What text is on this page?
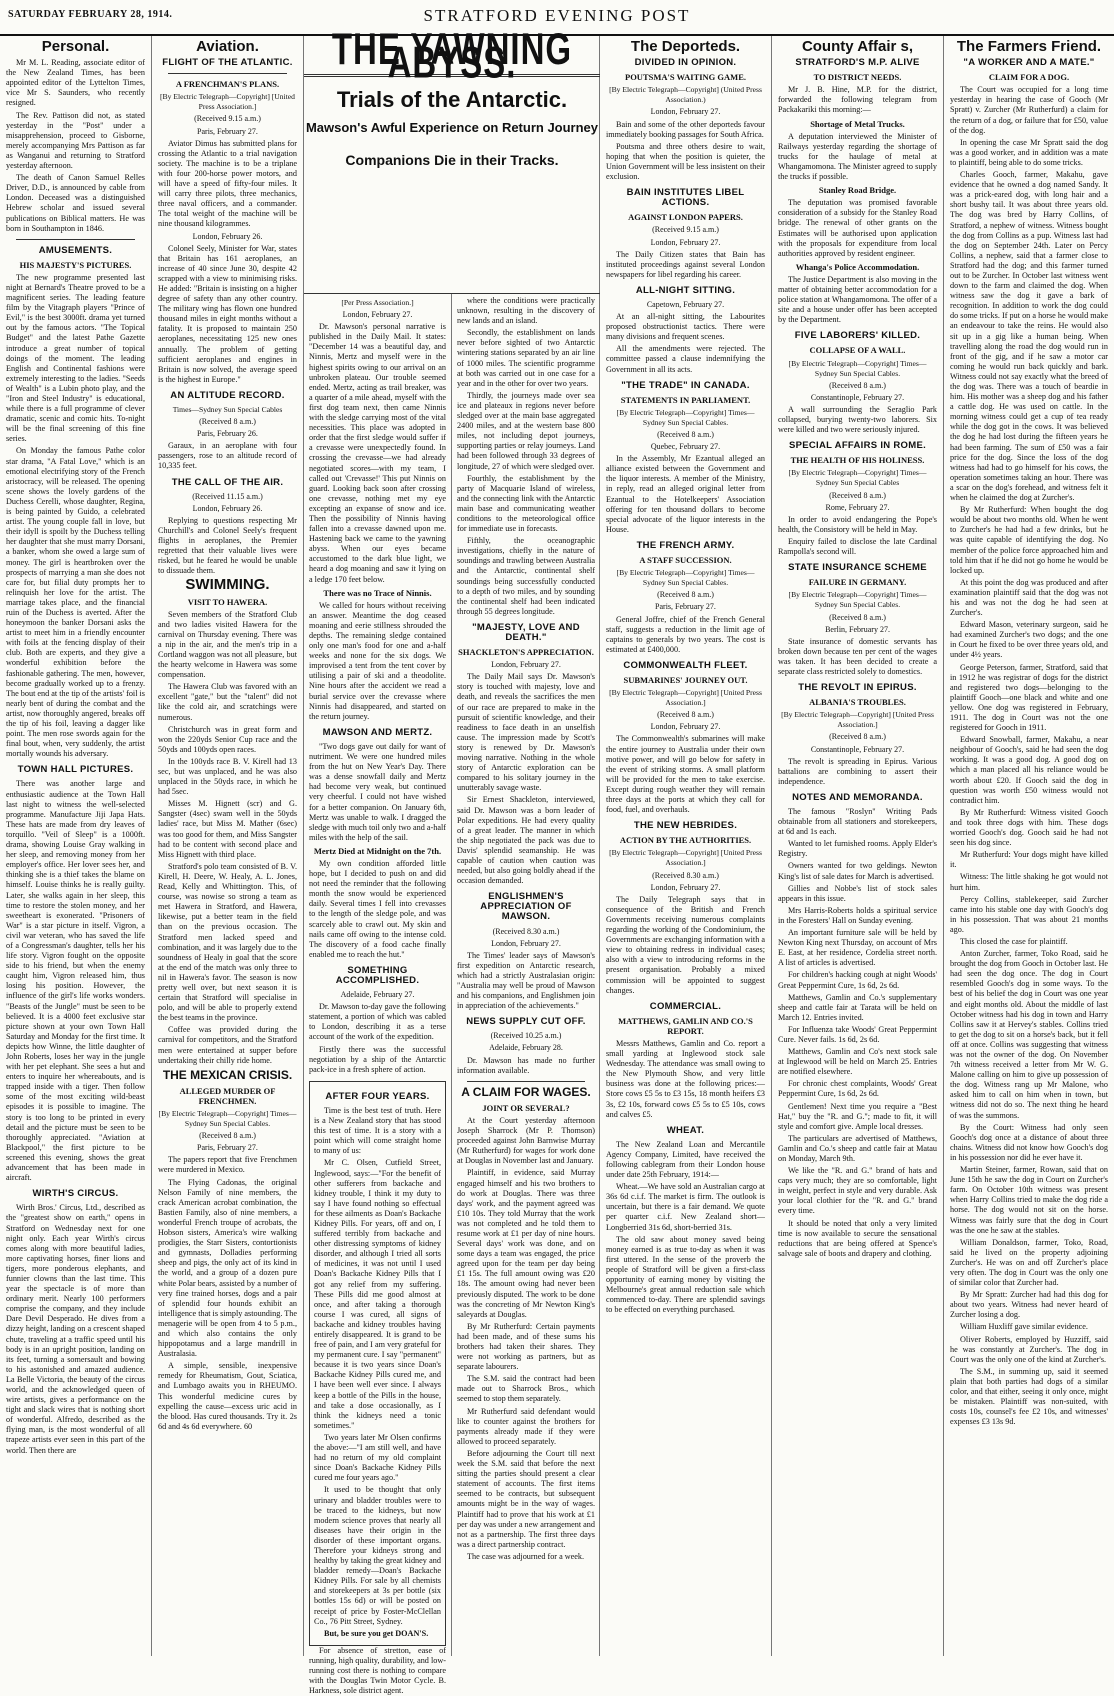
SATURDAY FEBRUARY 28, 1914.	STRATFORD EVENING POST
Personal.

Mr M. L. Reading, associate editor of the New Zealand Times, has been appointed editor of the Lyttelton Times, vice Mr S. Saunders, who recently resigned.

The Rev. Pattison did not, as stated yesterday in the "Post" under a misapprehension, proceed to Gisborne, merely accompanying Mrs Pattison as far as Wanganui and returning to Stratford yesterday afternoon.

The death of Canon Samuel Relles Driver, D.D., is announced by cable from London. Deceased was a distinguished Hebrew scholar and issued several publications on Biblical matters. He was born in Southampton in 1846.

AMUSEMENTS.
HIS MAJESTY'S PICTURES.

The new programme presented last night at Bernard's Theatre proved to be a magnificent series. The leading feature film by the Vitagraph players "Prince of Evil," is the best 3000ft. drama yet turned out by the famous actors. "The Topical Budget" and the latest Pathe Gazette introduce a great number of topical doings of the moment. The leading English and Continental fashions were extremely interesting to the ladies. "Seeds of Wealth" is a Lubin photo play, and the "Iron and Steel Industry" is educational, while there is a full programme of clever dramatic, scenic and comic hits. To-night will be the final screening of this fine series.

On Monday the famous Pathe color star drama, "A Fatal Love," which is an emotional electrifying story of the French aristocracy, will be released. The opening scene shows the lovely gardens of the Duchess Cerelli, whose daughter, Regina, is being painted by Guido, a celebrated artist. The young couple fall in love, but their idyll is spoilt by the Duchess telling her daughter that she must marry Dorsani, a banker, whom she owed a large sum of money. The girl is heartbroken over the prospects of marrying a man she does not care for, but filial duty prompts her to relinquish her love for the artist. The marriage takes place, and the financial ruin of the Duchess is averted. After the honeymoon the banker Dorsani asks the artist to meet him in a friendly encounter with foils at the fencing display of their club. Both are experts, and they give a wonderful exhibition before the fashionable gathering. The men, however, become gradually worked up to a frenzy. The bout end at the tip of the artists' foil is nearly bent of during the combat and the artist, now thoroughly angered, breaks off the tip of his foil, leaving a dagger like point. The men rose swords again for the final bout, when, very suddenly, the artist mortally wounds his adversary.

TOWN HALL PICTURES.

There was another large and enthusiastic audience at the Town Hall last night to witness the well-selected programme. Manufacture Jiji Japa Hats. These hats are made from dry leaves of torquillo. "Veil of Sleep" is a 1000ft. drama, showing Louise Gray walking in her sleep, and removing money from her employer's office. Her lover sees her, and thinking she is a thief takes the blame on himself. Louise thinks he is really guilty. Later, she walks again in her sleep, this time to restore the stolen money, and her sweetheart is exonerated. "Prisoners of War" is a star picture in itself. Vigron, a civil war veteran, who has saved the life of a Congressman's daughter, tells her his life story. Vigron fought on the opposite side to his friend, but when the enemy caught him, Vigron released him, thus losing his position. However, the influence of the girl's life works wonders. "Beasts of the Jungle" must be seen to be believed. It is a 4000 feet exclusive star picture shown at your own Town Hall Saturday and Monday for the first time. It depicts how Winne, the little daughter of John Roberts, loses her way in the jungle with her pet elephant. She sees a hut and enters to inquire her whereabouts, and is trapped inside with a tiger. Then follow some of the most exciting wild-beast episodes it is possible to imagine. The story is too long to be printed in every detail and the picture must be seen to be thoroughly appreciated. "Aviation at Blackpool," the first picture to be screened this evening, shows the great advancement that has been made in aircraft.

WIRTH'S CIRCUS.

Wirth Bros.' Circus, Ltd., described as the "greatest show on earth," opens in Stratford on Wednesday next for one night only. Each year Wirth's circus comes along with more beautiful ladies, more captivating horses, finer lions and tigers, more ponderous elephants, and funnier clowns than the last time. This year the spectacle is of more than ordinary merit. Nearly 100 performers comprise the company, and they include Dare Devil Desperado. He dives from a dizzy height, landing on a crescent shaped chute, traveling at a traffic speed until his body is in an upright position, landing on its feet, turning a somersault and bowing to his astonished and amazed audience. La Belle Victoria, the beauty of the circus world, and the acknowledged queen of wire artists, gives a performance on the tight and slack wires that is nothing short of wonderful. Alfredo, described as the flying man, is the most wonderful of all trapeze artists ever seen in this part of the world. Then there are

Aviation.
FLIGHT OF THE ATLANTIC.
A FRENCHMAN'S PLANS.
[By Electric Telegraph—Copyright] [United Press Association.]
(Received 9.15 a.m.)
Paris, February 27.

Aviator Dimus has submitted plans for crossing the Atlantic to a trial navigation society. The machine is to be a triplane with four 200-horse power motors, and will have a speed of fifty-four miles. It will carry three pilots, three mechanics, three naval officers, and a commander. The total weight of the machine will be nine thousand kilogrammes.

London, February 26.

Colonel Seely, Minister for War, states that Britain has 161 aeroplanes, an increase of 40 since June 30, despite 42 scrapped with a view to minimising risks. He added: "Britain is insisting on a higher degree of safety than any other country. The military wing has flown one hundred thousand miles in eight months without a fatality. It is proposed to maintain 250 aeroplanes, necessitating 125 new ones annually. The problem of getting sufficient aeroplanes and engines in Britain is now solved, the average speed is the highest in Europe."

AN ALTITUDE RECORD.
Times—Sydney Sun Special Cables
(Received 8 a.m.)
Paris, February 26.

Garaux, in an aeroplane with four passengers, rose to an altitude record of 10,335 feet.

THE CALL OF THE AIR.
(Received 11.15 a.m.)
London, February 26.

Replying to questions respecting Mr Churchill's and Colonel Seely's frequent flights in aeroplanes, the Premier regretted that their valuable lives were risked, but he feared he would be unable to dissuade them.

SWIMMING.
VISIT TO HAWERA.

Seven members of the Stratford Club and two ladies visited Hawera for the carnival on Thursday evening. There was a nip in the air, and the men's trip in a Cortland waggon was not all pleasure, but the hearty welcome in Hawera was some compensation.

The Hawera Club was favored with an excellent "gate," but the "talent" did not like the cold air, and scratchings were numerous.

Christchurch was in great form and won the 220yds Senior Cup race and the 50yds and 100yds open races.

In the 100yds race B. V. Kirell had 13 sec, but was unplaced, and he was also unplaced in the 50yds race, in which he had 5sec.

Misses M. Hignett (scr) and G. Sangster (4sec) swam well in the 50yds ladies' race, but Miss M. Mather (6sec) was too good for them, and Miss Sangster had to be content with second place and Miss Hignett with third place.

Stratford's polo team consisted of B. V. Kirell, H. Deere, W. Healy, A. L. Jones, Read, Kelly and Whittington. This, of course, was nowise so strong a team as met Hawera in Stratford, and Hawera, likewise, put a better team in the field than on the previous occasion. The Stratford men lacked speed and combination, and it was largely due to the soundness of Healy in goal that the score at the end of the match was only three to nil in Hawera's favor. The season is now pretty well over, but next season it is certain that Stratford will specialise in polo, and will be able to properly extend the best teams in the province.

Coffee was provided during the carnival for competitors, and the Stratford men were entertained at supper before undertaking their chilly ride home.

THE MEXICAN CRISIS.
ALLEGED MURDER OF FRENCHMEN.
[By Electric Telegraph—Copyright] Times—Sydney Sun Special Cables.
(Received 8 a.m.)
Paris, February 27.

The papers report that five Frenchmen were murdered in Mexico.

The Flying Cadonas, the original Nelson Family of nine members, the crack American acrobat combination, the Bastien Family, also of nine members, a wonderful French troupe of acrobats, the Hobson sisters, America's wire walking prodigies, the Starr Sisters, contortionists and gymnasts, Dolladies performing sheep and pigs, the only act of its kind in the world, and a group of a dozen pure white Polar bears, assisted by a number of very fine trained horses, dogs and a pair of splendid four hounds exhibit an intelligence that is simply astounding. The menagerie will be open from 4 to 5 p.m., and which also contains the only hippopotamus and a large mandrill in Australasia.

A simple, sensible, inexpensive remedy for Rheumatism, Gout, Sciatica, and Lumbago awaits you in RHEUMO. This wonderful medicine cures by expelling the cause—excess uric acid in the blood. Has cured thousands. Try it. 2s 6d and 4s 6d everywhere. 60

THE YAWNING ABYSS.
Trials of the Antarctic.
Mawson's Awful Experience on Return Journey
Companions Die in their Tracks.
[Per Press Association.]
London, February 27.

Dr. Mawson's personal narrative is published in the Daily Mail. It states: "December 14 was a beautiful day, and Ninnis, Mertz and myself were in the highest spirits owing to our arrival on an unbroken plateau. Our trouble seemed ended. Mertz, acting as trail breaker, was a quarter of a mile ahead, myself with the first dog team next, then came Ninnis with the sledge carrying most of the vital necessities. This place was adopted in order that the first sledge would suffer if a crevasse were unexpectedly found. In crossing the crevasse—we had already negotiated scores—with my team, I called out 'Crevasse!' This put Ninnis on guard. Looking back soon after crossing one crevasse, nothing met my eye excepting an expanse of snow and ice. Then the possibility of Ninnis having fallen into a crevasse dawned upon me. Hastening back we came to the yawning abyss. When our eyes became accustomed to the dark blue light, we heard a dog moaning and saw it lying on a ledge 170 feet below.

There was no Trace of Ninnis.

We called for hours without receiving an answer. Meantime the dog ceased moaning and eerie stillness shrouded the depths. The remaining sledge contained only one man's food for one and a-half weeks and none for the six dogs. We improvised a tent from the tent cover by utilising a pair of ski and a theodolite. Nine hours after the accident we read a burial service over the crevasse where Ninnis had disappeared, and started on the return journey.

MAWSON AND MERTZ.

"Two dogs gave out daily for want of nutriment. We were one hundred miles from the hut on New Year's Day. There was a dense snowfall daily and Mertz had become very weak, but continued very cheerful. I could not have wished for a better companion. On January 6th, Mertz was unable to walk. I dragged the sledge with much toil only two and a-half miles with the help of the sail.

Mertz Died at Midnight on the 7th.

My own condition afforded little hope, but I decided to push on and did not need the reminder that the following month the snow would be experienced daily. Several times I fell into crevasses to the length of the sledge pole, and was scarcely able to crawl out. My skin and nails came off owing to the intense cold. The discovery of a food cache finally enabled me to reach the hut."

SOMETHING ACCOMPLISHED.
Adelaide, February 27.

Dr. Mawson to-day gave the following statement, a portion of which was cabled to London, describing it as a terse account of the work of the expedition.

Firstly there was the successful negotiation by a ship of the Antarctic pack-ice in a fresh sphere of action.

AFTER FOUR YEARS.

Time is the best test of truth. Here is a New Zealand story that has stood this test of time. It is a story with a point which will come straight home to many of us:

Mr C. Olsen, Cutfield Street, Inglewood, says:—"For the benefit of other sufferers from backache and kidney trouble, I think it my duty to say I have found nothing so effectual for these ailments as Doan's Backache Kidney Pills. For years, off and on, I suffered terribly from backache and other distressing symptoms of kidney disorder, and although I tried all sorts of medicines, it was not until I used Doan's Backache Kidney Pills that I got any relief from my suffering. These Pills did me good almost at once, and after taking a thorough course I was cured, all signs of backache and kidney troubles having entirely disappeared. It is grand to be free of pain, and I am very grateful for my permanent cure. I say "permanent" because it is two years since Doan's Backache Kidney Pills cured me, and I have been well ever since. I always keep a bottle of the Pills in the house, and take a dose occasionally, as I think the kidneys need a tonic sometimes."

Two years later Mr Olsen confirms the above:—"I am still well, and have had no return of my old complaint since Doan's Backache Kidney Pills cured me four years ago."

It used to be thought that only urinary and bladder troubles were to be traced to the kidneys, but now modern science proves that nearly all diseases have their origin in the disorder of these important organs. Therefore your kidneys strong and healthy by taking the great kidney and bladder remedy—Doan's Backache Kidney Pills. For sale by all chemists and storekeepers at 3s per bottle (six bottles 15s 6d) or will be posted on receipt of price by Foster-McClellan Co., 76 Pitt Street, Sydney.

But, be sure you get DOAN'S.

For absence of stretton, ease of running, high quality, durability, and low-running cost there is nothing to compare with the Douglas Twin Motor Cycle. B. Harkness, sole district agent.

where the conditions were practically unknown, resulting in the discovery of new lands and an island.

Secondly, the establishment on lands never before sighted of two Antarctic wintering stations separated by an air line of 1000 miles. The scientific programme at both was carried out in one case for a year and in the other for over two years.

Thirdly, the journeys made over sea ice and plateaux in regions never before sledged over at the main base aggregated 2400 miles, and at the western base 800 miles, not including depot journeys, supporting parties or relay journeys. Land had been followed through 33 degrees of longitude, 27 of which were sledged over.

Fourthly, the establishment by the party of Macquarie Island of wireless, and the connecting link with the Antarctic main base and communicating weather conditions to the meteorological office for immediate use in forecasts.

Fifthly, the oceanographic investigations, chiefly in the nature of soundings and trawling between Australia and the Antarctic, continental shelf soundings being successfully conducted to a depth of two miles, and by sounding the continental shelf had been indicated through 55 degrees longitude.

"MAJESTY, LOVE AND DEATH."
SHACKLETON'S APPRECIATION.
London, February 27.

The Daily Mail says Dr. Mawson's story is touched with majesty, love and death, and reveals the sacrifices the men of our race are prepared to make in the pursuit of scientific knowledge, and their readiness to face death in an unselfish cause. The impression made by Scott's story is renewed by Dr. Mawson's moving narrative. Nothing in the whole story of Antarctic exploration can be compared to his solitary journey in the unutterably savage waste.

Sir Ernest Shackleton, interviewed, said Dr. Mawson was a born leader of Polar expeditions. He had every quality of a great leader. The manner in which the ship negotiated the pack was due to Davis' splendid seamanship. He was capable of caution when caution was needed, but also going boldly ahead if the occasion demanded.

ENGLISHMEN'S APPRECIATION OF MAWSON.
(Received 8.30 a.m.)
London, February 27.

The Times' leader says of Mawson's first expedition on Antarctic research, which had a strictly Australasian origin: "Australia may well be proud of Mawson and his companions, and Englishmen join in appreciation of the achievements."

NEWS SUPPLY CUT OFF.
(Received 10.25 a.m.)
Adelaide, February 28.

Dr. Mawson has made no further information available.

A CLAIM FOR WAGES.
JOINT OR SEVERAL?

At the Court yesterday afternoon Joseph Sharrock (Mr P. Thomson) proceeded against John Barnwise Murray (Mr Rutherfurd) for wages for work done at Douglas in November last and January.

Plaintiff, in evidence, said Murray engaged himself and his two brothers to do work at Douglas. There was three days' work, and the payment agreed was £10 10s. They told Murray that the work was not completed and he told them to resume work at £1 per day of nine hours. Several days' work was done, and on some days a team was engaged, the price agreed upon for the team per day being £1 15s. The full amount owing was £20 18s. The amount owing had never been previously disputed. The work to be done was the concreting of Mr Newton King's saleyards at Douglas.

By Mr Rutherfurd: Certain payments had been made, and of these sums his brothers had taken their shares. They were not working as partners, but as separate labourers.

The S.M. said the contract had been made out to Sharrock Bros., which seemed to stop them separately.

Mr Rutherfurd said defendant would like to counter against the brothers for payments already made if they were allowed to proceed separately.

Before adjourning the Court till next week the S.M. said that before the next sitting the parties should present a clear statement of accounts. The first items seemed to be contracts, but subsequent amounts might be in the way of wages. Plaintiff had to prove that his work at £1 per day was under a new arrangement and not as a partnership. The first three days was a direct partnership contract.

The case was adjourned for a week.

The Deporteds.
DIVIDED IN OPINION.
POUTSMA'S WAITING GAME.
[By Electric Telegraph—Copyright] (United Press Association.)
London, February 27.

Bain and some of the other deporteds favour immediately booking passages for South Africa.

Poutsma and three others desire to wait, hoping that when the position is quieter, the Union Government will be less insistent on their exclusion.

BAIN INSTITUTES LIBEL ACTIONS.
AGAINST LONDON PAPERS.
(Received 9.15 a.m.)
London, February 27.

The Daily Citizen states that Bain has instituted proceedings against several London newspapers for libel regarding his career.

ALL-NIGHT SITTING.
Capetown, February 27.

At an all-night sitting, the Labourites proposed obstructionist tactics. There were many divisions and frequent scenes.

All the amendments were rejected. The committee passed a clause indemnifying the Government in all its acts.

"THE TRADE" IN CANADA.
STATEMENTS IN PARLIAMENT.
[By Electric Telegraph—Copyright] Times—Sydney Sun Special Cables.
(Received 8 a.m.)
Quebec, February 27.

In the Assembly, Mr Ezantual alleged an alliance existed between the Government and the liquor interests. A member of the Ministry, in reply, read an alleged original letter from Ezantual to the Hotelkeepers' Association offering for ten thousand dollars to become special advocate of the liquor interests in the House.

THE FRENCH ARMY.
A STAFF SUCCESSION.
[By Electric Telegraph—Copyright] Times—Sydney Sun Special Cables.
(Received 8 a.m.)
Paris, February 27.

General Joffre, chief of the French General staff, suggests a reduction in the limit age of captains to generals by two years. The cost is estimated at £400,000.

COMMONWEALTH FLEET.
SUBMARINES' JOURNEY OUT.
[By Electric Telegraph—Copyright] [United Press Association.]
(Received 8 a.m.)
London, February 27.

The Commonwealth's submarines will make the entire journey to Australia under their own motive power, and will go below for safety in the event of striking storms. A small platform will be provided for the men to take exercise. Except during rough weather they will remain three days at the ports at which they call for food, fuel, and overhauls.

THE NEW HEBRIDES.
ACTION BY THE AUTHORITIES.
[By Electric Telegraph—Copyright] [United Press Association.]
(Received 8.30 a.m.)
London, February 27.

The Daily Telegraph says that in consequence of the British and French Governments receiving numerous complaints regarding the working of the Condominium, the Governments are exchanging information with a view to obtaining redress in individual cases; also with a view to introducing reforms in the present organisation. Probably a mixed commission will be appointed to suggest changes.

COMMERCIAL.
MATTHEWS, GAMLIN AND CO.'S REPORT.

Messrs Matthews, Gamlin and Co. report a small yarding at Inglewood stock sale Wednesday. The attendance was small owing to the New Plymouth Show, and very little business was done at the following prices:—Store cows £5 5s to £3 15s, 18 month heifers £3 3s, £2 10s, forward cows £5 5s to £5 10s, cows and calves £5.

WHEAT.

The New Zealand Loan and Mercantile Agency Company, Limited, have received the following cablegram from their London house under date 25th February, 1914:—

Wheat.—We have sold an Australian cargo at 36s 6d c.i.f. The market is firm. The outlook is uncertain, but there is a fair demand. We quote per quarter c.i.f. New Zealand short—Longberried 31s 6d, short-berried 31s.

The old saw about money saved being money earned is as true to-day as when it was first uttered. In the sense of the proverb the people of Stratford will be given a first-class opportunity of earning money by visiting the Melbourne's great annual reduction sale which commenced to-day. There are splendid savings to be effected on everything purchased.

County Affair s,
STRATFORD'S M.P. ALIVE
TO DISTRICT NEEDS.

Mr J. B. Hine, M.P. for the district, forwarded the following telegram from Packakariki this morning:—

Shortage of Metal Trucks.

A deputation interviewed the Minister of Railways yesterday regarding the shortage of trucks for the haulage of metal at Whangamomona. The Minister agreed to supply the trucks if possible.

Stanley Road Bridge.

The deputation was promised favorable consideration of a subsidy for the Stanley Road bridge. The renewal of other grants on the Estimates will be authorised upon application with the proposals for expenditure from local authorities approved by resident engineer.

Whanga's Police Accommodation.

The Justice Department is also moving in the matter of obtaining better accommodation for a police station at Whangamomona. The offer of a site and a house under offer has been accepted by the Department.

FIVE LABORERS' KILLED.
COLLAPSE OF A WALL.
[By Electric Telegraph—Copyright] Times—Sydney Sun Special Cables.
(Received 8 a.m.)
Constantinople, February 27.

A wall surrounding the Seraglio Park collapsed, burying twenty-two laborers. Six were killed and two were seriously injured.

SPECIAL AFFAIRS IN ROME.
THE HEALTH OF HIS HOLINESS.
[By Electric Telegraph—Copyright] Times—Sydney Sun Special Cables
(Received 8 a.m.)
Rome, February 27.

In order to avoid endangering the Pope's health, the Consistory will be held in May.

Enquiry failed to disclose the late Cardinal Rampolla's second will.

STATE INSURANCE SCHEME
FAILURE IN GERMANY.
[By Electric Telegraph—Copyright] Times—Sydney Sun Special Cables.
(Received 8 a.m.)
Berlin, February 27.

State insurance of domestic servants has broken down because ten per cent of the wages was taken. It has been decided to create a separate class restricted solely to domestics.

THE REVOLT IN EPIRUS.
ALBANIA'S TROUBLES.
[By Electric Telegraph—Copyright] [United Press Association.]
(Received 8 a.m.)
Constantinople, February 27.

The revolt is spreading in Epirus. Various battalions are combining to assert their independence.

NOTES AND MEMORANDA.

The famous "Roslyn" Writing Pads obtainable from all stationers and storekeepers, at 6d and 1s each.

Wanted to let furnished rooms. Apply Elder's Registry.

Owners wanted for two geldings. Newton King's list of sale dates for March is advertised.

Gillies and Nobbe's list of stock sales appears in this issue.

Mrs Harris-Roberts holds a spiritual service in the Foresters' Hall on Sunday evening.

An important furniture sale will be held by Newton King next Thursday, on account of Mrs E. East, at her residence, Cordelia street north. A list of articles is advertised.

For children's hacking cough at night Woods' Great Peppermint Cure, 1s 6d, 2s 6d.

Matthews, Gamlin and Co.'s supplementary sheep and cattle fair at Tarata will be held on March 12. Entries invited.

For Influenza take Woods' Great Peppermint Cure. Never fails. 1s 6d, 2s 6d.

Matthews, Gamlin and Co's next stock sale at Inglewood will be held on March 25. Entries are notified elsewhere.

For chronic chest complaints, Woods' Great Peppermint Cure, 1s 6d, 2s 6d.

Gentlemen! Next time you require a "Best Hat," buy the "R. and G."; made to fit, it will style and comfort give. Ample local dresses.

The particulars are advertised of Matthews, Gamlin and Co.'s sheep and cattle fair at Matau on Monday, March 9th.

We like the "R. and G." brand of hats and caps very much; they are so comfortable, light in weight, perfect in style and very durable. Ask your local clothier for the "R. and G." brand every time.

It should be noted that only a very limited time is now available to secure the sensational reductions that are being offered at Spence's salvage sale of boots and drapery and clothing.

The Farmers Friend.
"A WORKER AND A MATE."
CLAIM FOR A DOG.

The Court was occupied for a long time yesterday in hearing the case of Gooch (Mr Spratt) v. Zurcher (Mr Rutherfurd) a claim for the return of a dog, or failure that for £50, value of the dog.

In opening the case Mr Spratt said the dog was a good worker, and in addition was a mate to plaintiff, being able to do some tricks.

Charles Gooch, farmer, Makahu, gave evidence that he owned a dog named Sandy. It was a prick-eared dog, with long hair and a short bushy tail. It was about three years old. The dog was bred by Harry Collins, of Stratford, a nephew of witness. Witness bought the dog from Collins as a pup. Witness last had the dog on September 24th. Later on Percy Collins, a nephew, said that a farmer close to Stratford had the dog; and this farmer turned out to be Zurcher. In October last witness went down to the farm and claimed the dog. When witness saw the dog it gave a bark of recognition. In addition to work the dog could do some tricks. If put on a horse he would make an endeavour to take the reins. He would also sit up in a gig like a human being. When travelling along the road the dog would run in front of the gig, and if he saw a motor car coming he would run back quickly and bark. Witness could not say exactly what the breed of the dog was. There was a touch of beardie in him. His mother was a sheep dog and his father a cattle dog. He was used on cattle. In the morning witness could get a cup of tea ready while the dog got in the cows. It was believed the dog he had lost during the fifteen years he had been farming. The sum of £50 was a fair price for the dog. Since the loss of the dog witness had had to go himself for his cows, the operation sometimes taking an hour. There was a scar on the dog's forehead, and witness felt it when he claimed the dog at Zurcher's.

By Mr Rutherfurd: When bought the dog would be about two months old. When he went to Zurcher's he had had a few drinks, but he was quite capable of identifying the dog. No member of the police force approached him and told him that if he did not go home he would be locked up.

At this point the dog was produced and after examination plaintiff said that the dog was not his and was not the dog he had seen at Zurcher's.

Edward Mason, veterinary surgeon, said he had examined Zurcher's two dogs; and the one in Court he fixed to be over three years old, and under 4½ years.

George Peterson, farmer, Stratford, said that in 1912 he was registrar of dogs for the district and registered two dogs—belonging to the plaintiff Gooch—one black and white and one yellow. One dog was registered in February, 1911. The dog in Court was not the one registered for Gooch in 1911.

Edward Snowball, farmer, Makahu, a near neighbour of Gooch's, said he had seen the dog working. It was a good dog. A good dog on which a man placed all his reliance would be worth about £20. If Gooch said the dog in question was worth £50 witness would not contradict him.

By Mr Rutherfurd: Witness visited Gooch and took three dogs with him. These dogs worried Gooch's dog. Gooch said he had not seen his dog since.

Mr Rutherfurd: Your dogs might have killed it.

Witness: The little shaking he got would not hurt him.

Percy Collins, stablekeeper, said Zurcher came into his stable one day with Gooch's dog in his possession. That was about 21 months ago.

This closed the case for plaintiff.

Anton Zurcher, farmer, Toko Road, said he brought the dog from Gooch in October last. He had seen the dog once. The dog in Court resembled Gooch's dog in some ways. To the best of his belief the dog in Court was one year and eight months old. About the middle of last October witness had his dog in town and Harry Collins saw it at Hervey's stables. Collins tried to get the dog to sit on a horse's back, but it fell off at once. Collins was suggesting that witness was not the owner of the dog. On November 7th witness received a letter from Mr W. G. Malone calling on him to give up possession of the dog. Witness rang up Mr Malone, who asked him to call on him when in town, but witness did not do so. The next thing he heard of was the summons.

By the Court: Witness had only seen Gooch's dog once at a distance of about three chains. Witness did not know how Gooch's dog in his possession nor did he ever have it.

Martin Steiner, farmer, Rowan, said that on June 15th he saw the dog in Court on Zurcher's farm. On October 10th witness was present when Harry Collins tried to make the dog ride a horse. The dog would not sit on the horse. Witness was fairly sure that the dog in Court was the one he saw at the stables.

William Donaldson, farmer, Toko, Road, said he lived on the property adjoining Zurcher's. He was on and off Zurcher's place very often. The dog in Court was the only one of similar color that Zurcher had.

By Mr Spratt: Zurcher had had this dog for about two years. Witness had never heard of Zurcher losing a dog.

William Huxliff gave similar evidence.

Oliver Roberts, employed by Huzziff, said he was constantly at Zurcher's. The dog in Court was the only one of the kind at Zurcher's.

The S.M., in summing up, said it seemed plain that both parties had dogs of a similar color, and that either, seeing it only once, might be mistaken. Plaintiff was non-suited, with costs 10s, counsel's fee £2 10s, and witnesses' expenses £3 13s 9d.
